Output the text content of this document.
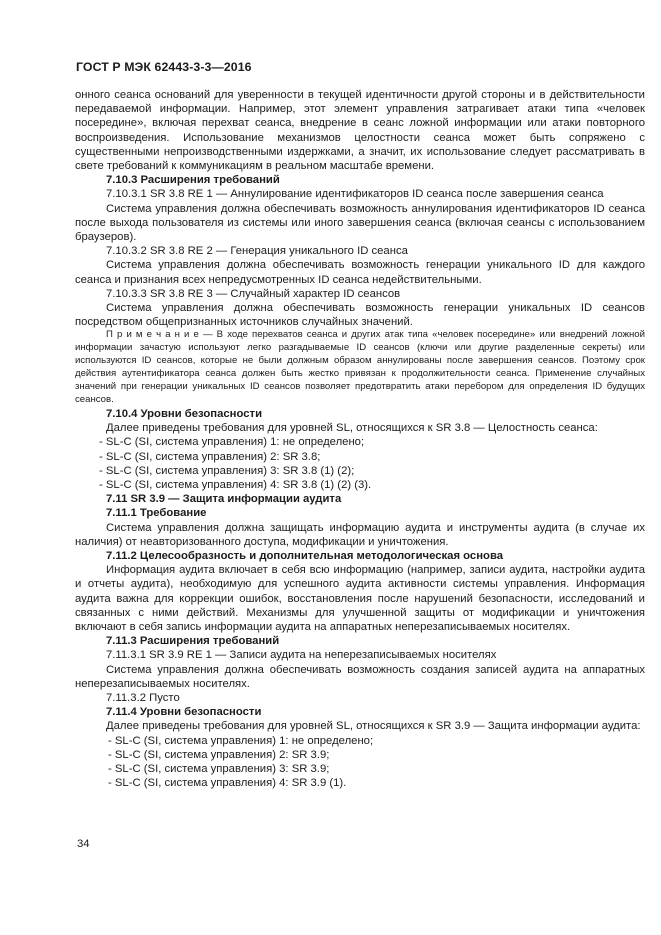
ГОСТ Р МЭК 62443-3-3—2016

онного сеанса оснований для уверенности в текущей идентичности другой стороны и в действительности передаваемой информации. Например, этот элемент управления затрагивает атаки типа «человек посередине», включая перехват сеанса, внедрение в сеанс ложной информации или атаки повторного воспроизведения. Использование механизмов целостности сеанса может быть сопряжено с существенными непроизводственными издержками, а значит, их использование следует рассматривать в свете требований к коммуникациям в реальном масштабе времени.

7.10.3 Расширения требований

7.10.3.1 SR 3.8 RE 1 — Аннулирование идентификаторов ID сеанса после завершения сеанса

Система управления должна обеспечивать возможность аннулирования идентификаторов ID сеанса после выхода пользователя из системы или иного завершения сеанса (включая сеансы с использованием браузеров).

7.10.3.2 SR 3.8 RE 2 — Генерация уникального ID сеанса

Система управления должна обеспечивать возможность генерации уникального ID для каждого сеанса и признания всех непредусмотренных ID сеанса недействительными.

7.10.3.3 SR 3.8 RE 3 — Случайный характер ID сеансов

Система управления должна обеспечивать возможность генерации уникальных ID сеансов посредством общепризнанных источников случайных значений.

П р и м е ч а н и е — В ходе перехватов сеанса и других атак типа «человек посередине» или внедрений ложной информации зачастую используют легко разгадываемые ID сеансов (ключи или другие разделенные секреты) или используются ID сеансов, которые не были должным образом аннулированы после завершения сеансов. Поэтому срок действия аутентификатора сеанса должен быть жестко привязан к продолжительности сеанса. Применение случайных значений при генерации уникальных ID сеансов позволяет предотвратить атаки перебором для определения ID будущих сеансов.

7.10.4 Уровни безопасности

Далее приведены требования для уровней SL, относящихся к SR 3.8 — Целостность сеанса:

- SL-C (SI, система управления) 1: не определено;

- SL-C (SI, система управления) 2: SR 3.8;

- SL-C (SI, система управления) 3: SR 3.8 (1) (2);

- SL-C (SI, система управления) 4: SR 3.8 (1) (2) (3).

7.11 SR 3.9 — Защита информации аудита

7.11.1 Требование

Система управления должна защищать информацию аудита и инструменты аудита (в случае их наличия) от неавторизованного доступа, модификации и уничтожения.

7.11.2 Целесообразность и дополнительная методологическая основа

Информация аудита включает в себя всю информацию (например, записи аудита, настройки аудита и отчеты аудита), необходимую для успешного аудита активности системы управления. Информация аудита важна для коррекции ошибок, восстановления после нарушений безопасности, исследований и связанных с ними действий. Механизмы для улучшенной защиты от модификации и уничтожения включают в себя запись информации аудита на аппаратных неперезаписываемых носителях.

7.11.3 Расширения требований

7.11.3.1 SR 3.9 RE 1 — Записи аудита на неперезаписываемых носителях

Система управления должна обеспечивать возможность создания записей аудита на аппаратных неперезаписываемых носителях.

7.11.3.2 Пусто

7.11.4 Уровни безопасности

Далее приведены требования для уровней SL, относящихся к SR 3.9 — Защита информации аудита:

- SL-C (SI, система управления) 1: не определено;

- SL-C (SI, система управления) 2: SR 3.9;

- SL-C (SI, система управления) 3: SR 3.9;

- SL-C (SI, система управления) 4: SR 3.9 (1).

34
